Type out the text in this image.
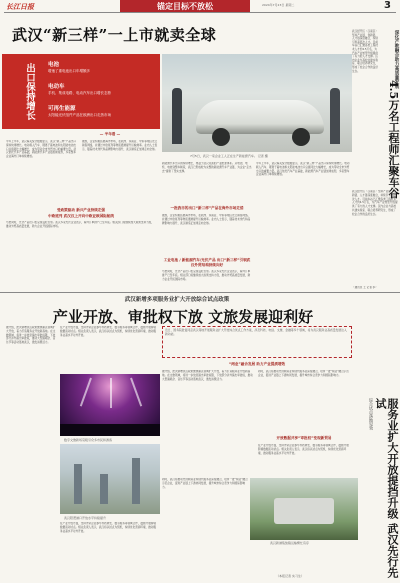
长江日报	锚定目标不放松	2024年7月23日 星期二	3
武汉“新三样”一上市就卖全球
出口保持增长	电池
增速了重电池出口年增额多
电动车
手机、集成电路、电动汽车出口增长态势
可再生能源
太阳能光伏组件产品在欧洲出口走热市场
7月5日，武汉一家企业工人正在生产新能源汽车。 记者 摄
— 半年看 —
今年上半年，武汉海关统计数据显示，武汉“新三样”产品出口保持快速增长。电动载人汽车、锂离子蓄电池和太阳能电池出口总值同比大幅增长，成为带动全市外贸出口的重要力量。武汉依托汽车产业基础，新能源汽车产业链加速成形，多家整车企业海外订单持续增加。
据悉，企业积极拓展海外市场，在欧洲、东南亚、中东等地区设立销售网络，并通过中欧班列等物流通道提升运输效率。业内人士表示，随着技术迭代和品牌影响力提升，武汉制造正加速走向全球。
受政策驱动 新兴产业持续走强
中欧班列 武汉汉上开向中欧亚欧国际航线
与此同时，光伏产品出口也呈现良好态势。武汉多家光伏企业表示，海外订单排产已至年底。相关部门将继续加大政策支持力度，推动外贸高质量发展，助力企业开拓国际市场。
新能源汽车出口的持续增长，得益于武汉完善的产业配套体系。从电池、电机、电控到整车制造，武汉已形成较为完整的新能源汽车产业链，为企业“走出去”提供了坚实支撑。
一批我市的出口“新三样”产品在海外市场走俏
据悉，企业积极拓展海外市场，在欧洲、东南亚、中东等地区设立销售网络，并通过中欧班列等物流通道提升运输效率。业内人士表示，随着技术迭代和品牌影响力提升，武汉制造正加速走向全球。
工业电池 / 新能源汽车/光伏产品 出口“新三样”引领武汉外贸结构持续向好
与此同时，光伏产品出口也呈现良好态势。武汉多家光伏企业表示，海外订单排产已至年底。相关部门将继续加大政策支持力度，推动外贸高质量发展，助力企业开拓国际市场。
今年上半年，武汉海关统计数据显示，武汉“新三样”产品出口保持快速增长。电动载人汽车、锂离子蓄电池和太阳能电池出口总值同比大幅增长，成为带动全市外贸出口的重要力量。武汉依托汽车产业基础，新能源汽车产业链加速成形，多家整车企业海外订单持续增加。
武汉经开区（汉南区）坚持产业链、创新链、人才链深度融合，持续引育高层次人才。目前车谷已汇聚各类工程技术人才约4.5万名，为汽车产业转型升级提供了有力的人才支撑。区内企业与高校共建实验室、联合培养研究生，形成了校企合作的良好生态。	深化产教融合助力高质量发展
4.5万名工程师汇聚车谷
武汉经开区（汉南区）坚持产业链、创新链、人才链深度融合，持续引育高层次人才。目前车谷已汇聚各类工程技术人才约4.5万名，为汽车产业转型升级提供了有力的人才支撑。区内企业与高校共建实验室、联合培养研究生，形成了校企合作的良好生态。
（通讯员 王 记者 李）
武汉新增多项服务业扩大开放综合试点政策
产业开放、审批权下放 文旅发展迎利好
据介绍，此次新增试点政策聚焦重点领域扩大开放，着力打造服务业开放新高地。在文旅领域，将进一步放宽演出审批权限，下放部分涉外演出审批权，推动大型演唱会、音乐节等活动落地武汉，激发消费活力。
在产业开放方面，支持外资企业参与科技研发、数字服务等领域合作，鼓励开展跨境数据流动试点。相关负责人表示，武汉将以试点为契机，持续优化营商环境，推动服务业高水平对外开放。
近日，国务院批复同意武汉等地开展服务业扩大开放综合试点工作方案，涉及科技、电信、文旅、金融等多个领域，将为武汉服务业高质量发展注入新动能。
“两业”融合发展 助力产业提质增效
据介绍，此次新增试点政策聚焦重点领域扩大开放，着力打造服务业开放新高地。在文旅领域，将进一步放宽演出审批权限，下放部分涉外演出审批权，推动大型演唱会、音乐节等活动落地武汉，激发消费活力。
同时，武汉将推动先进制造业和现代服务业深度融合，培育一批“两业”融合示范企业，促进产业链上下游协同发展，提升城市综合竞争力和国际影响力。
开放数据共享“审批权”变现新贸易
在产业开放方面，支持外资企业参与科技研发、数字服务等领域合作，鼓励开展跨境数据流动试点。相关负责人表示，武汉将以试点为契机，持续优化营商环境，推动服务业高水平对外开放。
同时，武汉将推动先进制造业和现代服务业深度融合，培育一批“两业”融合示范企业，促进产业链上下游协同发展，提升城市综合竞争力和国际影响力。
数字文旅新场景吸引众多市民和游客
武汉阳逻港口开放水平持续提升
在产业开放方面，支持外资企业参与科技研发、数字服务等领域合作，鼓励开展跨境数据流动试点。相关负责人表示，武汉将以试点为契机，持续优化营商环境，推动服务业高水平对外开放。
武汉新港集装箱运输繁忙有序
综合试点落地见效	服务业扩大开放提挡升级 武汉先行先试
（本报记者 实习生）
